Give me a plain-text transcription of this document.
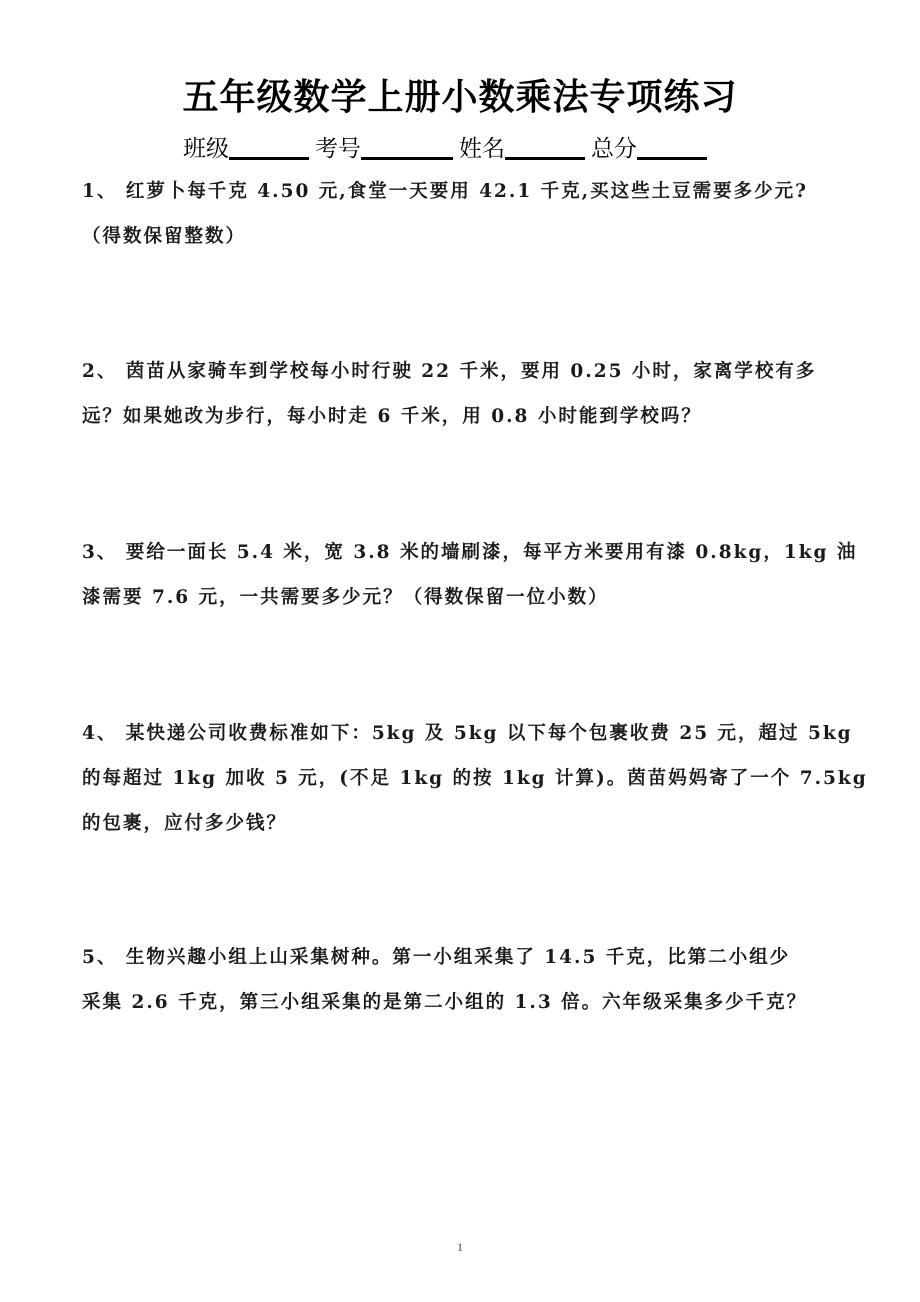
五年级数学上册小数乘法专项练习
班级	考号	姓名	总分
1、 红萝卜每千克 4.50 元,食堂一天要用 42.1 千克,买这些土豆需要多少元?
（得数保留整数）
2、 茵苗从家骑车到学校每小时行驶 22 千米，要用 0.25 小时，家离学校有多
远？如果她改为步行，每小时走 6 千米，用 0.8 小时能到学校吗？
3、 要给一面长 5.4 米，宽 3.8 米的墙刷漆，每平方米要用有漆 0.8kg，1kg 油
漆需要 7.6 元，一共需要多少元？（得数保留一位小数）
4、 某快递公司收费标准如下：5kg 及 5kg 以下每个包裹收费 25 元，超过 5kg
的每超过 1kg 加收 5 元，(不足 1kg 的按 1kg 计算)。茵苗妈妈寄了一个 7.5kg
的包裹，应付多少钱？
5、 生物兴趣小组上山采集树种。第一小组采集了 14.5 千克，比第二小组少
采集 2.6 千克，第三小组采集的是第二小组的 1.3 倍。六年级采集多少千克？
1
